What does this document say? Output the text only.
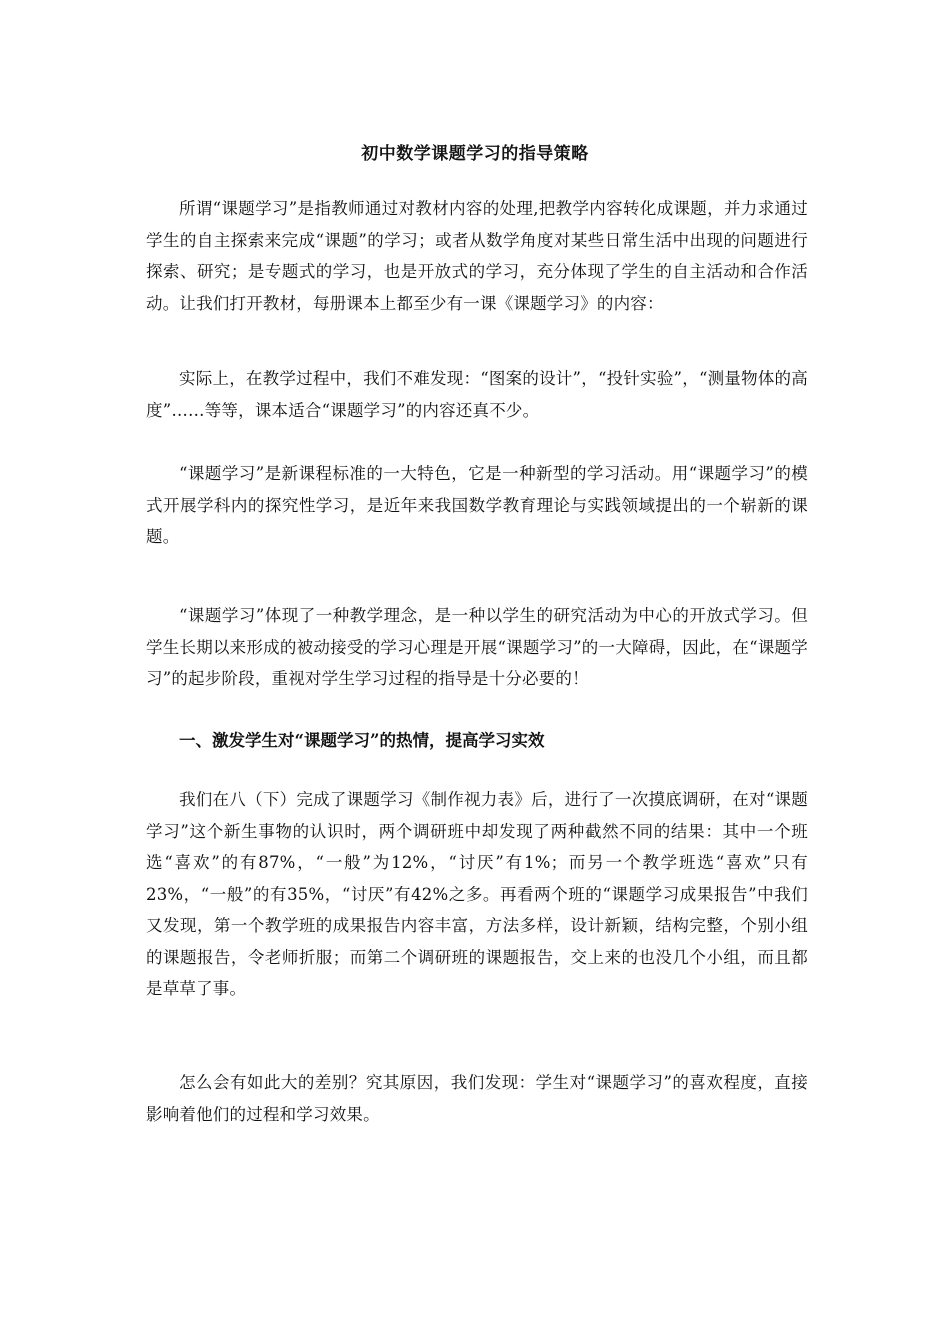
初中数学课题学习的指导策略

所谓“课题学习”是指教师通过对教材内容的处理,把教学内容转化成课题，并力求通过学生的自主探索来完成“课题”的学习；或者从数学角度对某些日常生活中出现的问题进行探索、研究；是专题式的学习，也是开放式的学习，充分体现了学生的自主活动和合作活动。让我们打开教材，每册课本上都至少有一课《课题学习》的内容：

实际上，在教学过程中，我们不难发现：“图案的设计”，“投针实验”，“测量物体的高度”……等等，课本适合“课题学习”的内容还真不少。

“课题学习”是新课程标准的一大特色，它是一种新型的学习活动。用“课题学习”的模式开展学科内的探究性学习，是近年来我国数学教育理论与实践领域提出的一个崭新的课题。

“课题学习”体现了一种教学理念，是一种以学生的研究活动为中心的开放式学习。但学生长期以来形成的被动接受的学习心理是开展“课题学习”的一大障碍，因此，在“课题学习”的起步阶段，重视对学生学习过程的指导是十分必要的！

一、激发学生对“课题学习”的热情，提高学习实效

我们在八（下）完成了课题学习《制作视力表》后，进行了一次摸底调研，在对“课题学习”这个新生事物的认识时，两个调研班中却发现了两种截然不同的结果：其中一个班选“喜欢”的有87%，“一般”为12%，“讨厌”有1%；而另一个教学班选“喜欢”只有23%，“一般”的有35%，“讨厌”有42%之多。再看两个班的“课题学习成果报告”中我们又发现，第一个教学班的成果报告内容丰富，方法多样，设计新颖，结构完整，个别小组的课题报告，令老师折服；而第二个调研班的课题报告，交上来的也没几个小组，而且都是草草了事。

怎么会有如此大的差别？究其原因，我们发现：学生对“课题学习”的喜欢程度，直接影响着他们的过程和学习效果。
